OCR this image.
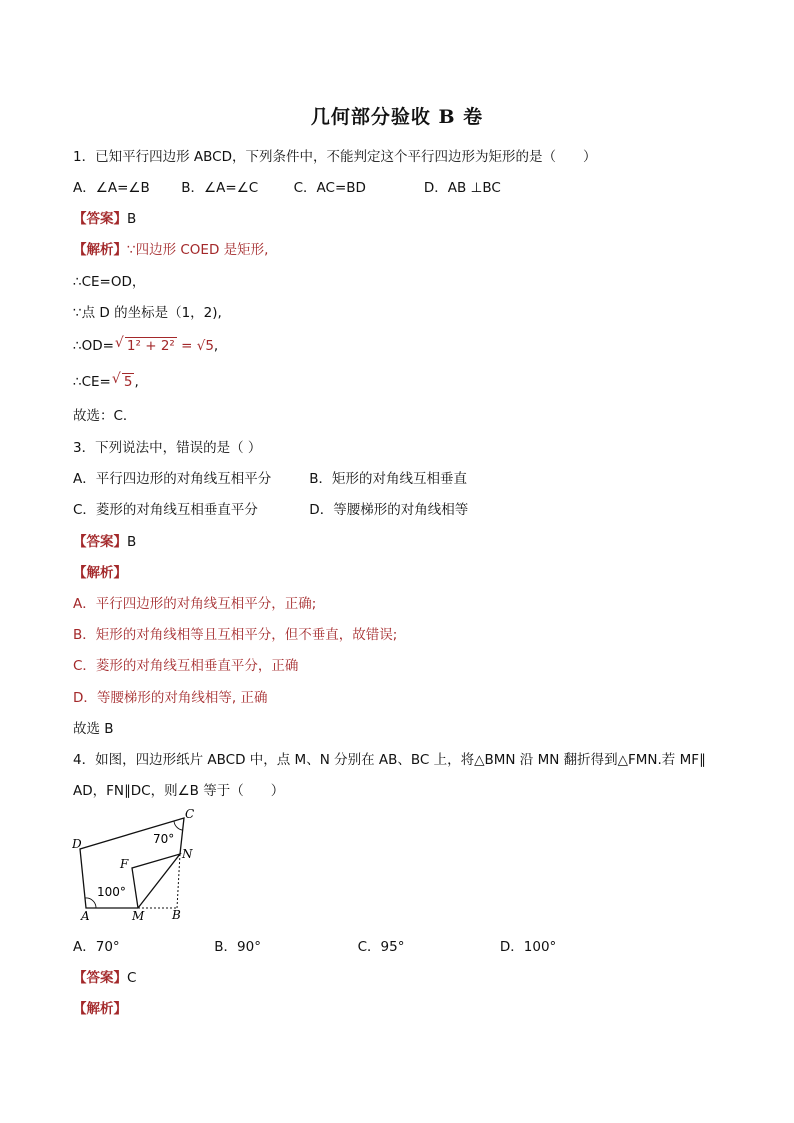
几何部分验收 B 卷
1．已知平行四边形 ABCD，下列条件中，不能判定这个平行四边形为矩形的是（　　）
A．∠A=∠B B．∠A=∠C	C．AC=BD	D．AB ⊥BC
【答案】B
【解析】∵四边形 COED 是矩形,
∴CE=OD，
∵点 D 的坐标是（1，2),
∴OD= √ 1² + 2² = √5,
∴CE= √ 5 ,
故选：C．
3．下列说法中，错误的是（ ）
A．平行四边形的对角线互相平分	B．矩形的对角线互相垂直
C．菱形的对角线互相垂直平分	D．等腰梯形的对角线相等
【答案】B
【解析】
A．平行四边形的对角线互相平分，正确;
B．矩形的对角线相等且互相平分，但不垂直，故错误;
C．菱形的对角线互相垂直平分，正确
D．等腰梯形的对角线相等, 正确
故选 B
4．如图，四边形纸片 ABCD 中，点 M、N 分别在 AB、BC 上，将△BMN 沿 MN 翻折得到△FMN.若 MF∥
AD，FN∥DC，则∠B 等于（　　）
D
C
F
N
A	M B
70°
100°
A．70°	B．90°	C．95°	D．100°
【答案】C
【解析】
